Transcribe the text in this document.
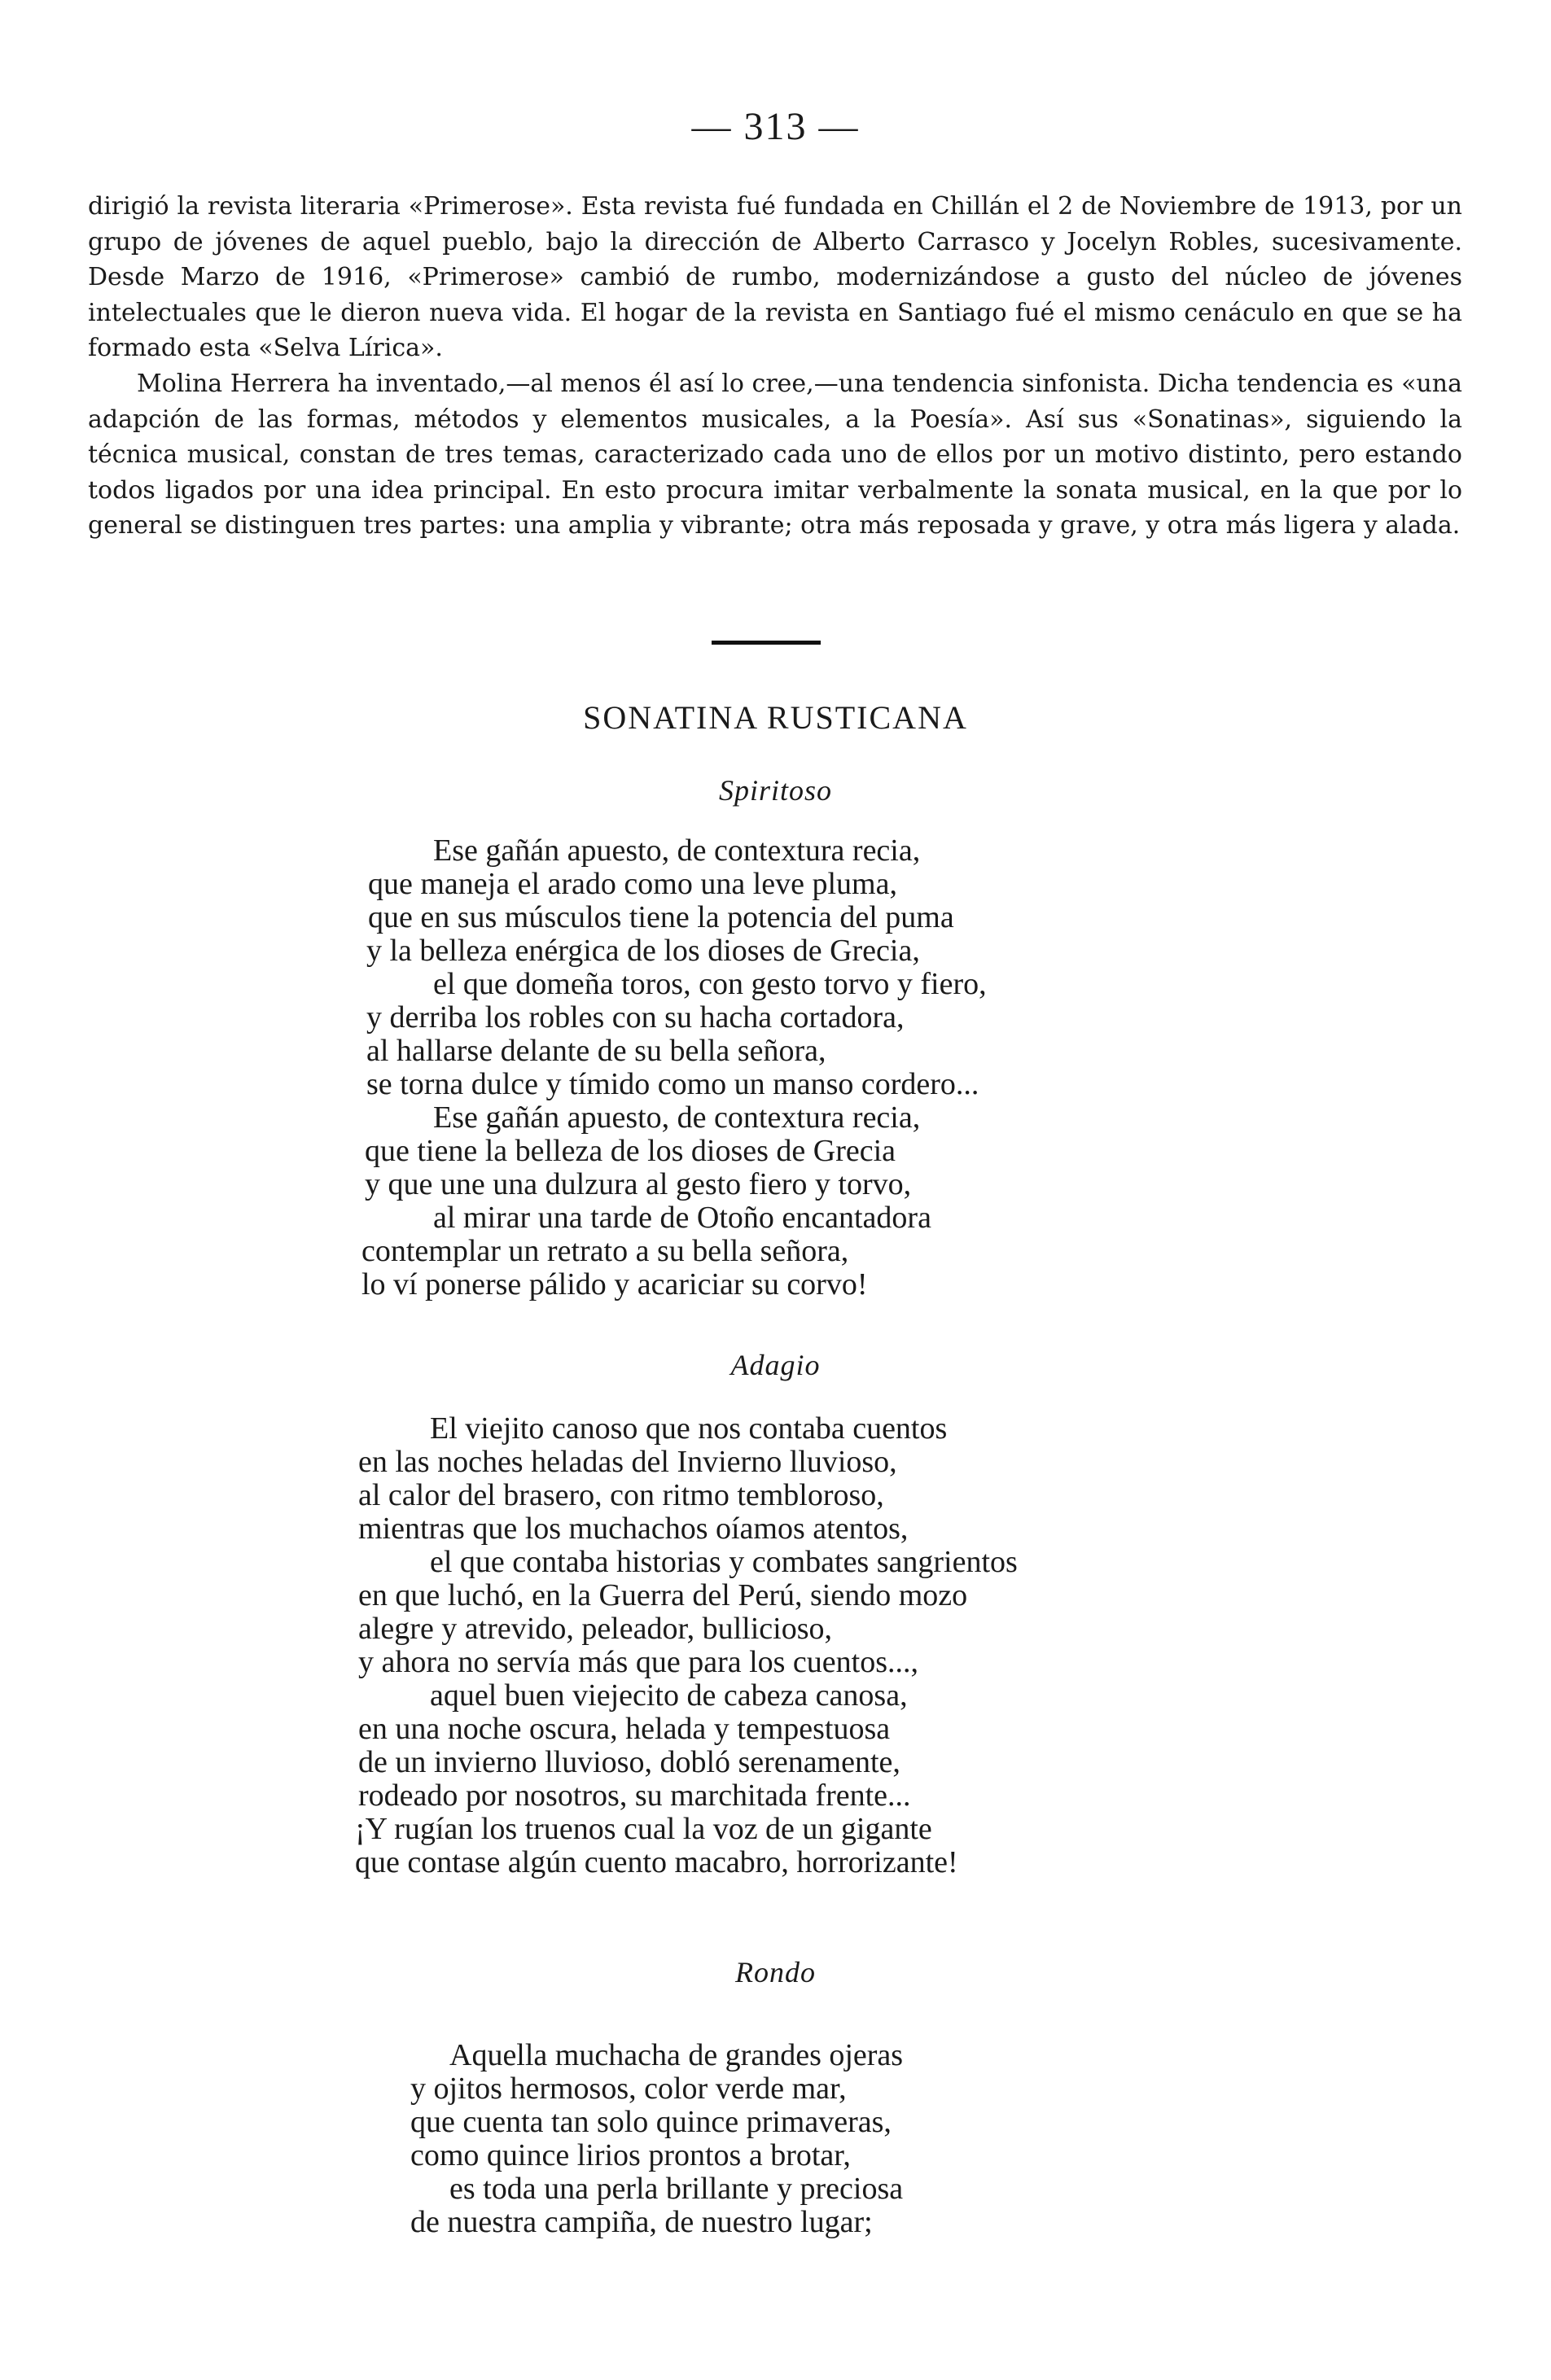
— 313 —

dirigió la revista literaria «Primerose». Esta revista fué fundada en Chillán el 2 de Noviembre de 1913, por un grupo de jóvenes de aquel pueblo, bajo la dirección de Alberto Carrasco y Jocelyn Robles, sucesivamente. Desde Marzo de 1916, «Primerose» cambió de rumbo, modernizándose a gusto del núcleo de jóvenes intelectuales que le dieron nueva vida. El hogar de la revista en Santiago fué el mismo cenáculo en que se ha formado esta «Selva Lírica».

Molina Herrera ha inventado,—al menos él así lo cree,—una tendencia sinfonista. Dicha tendencia es «una adapción de las formas, métodos y elementos musicales, a la Poesía». Así sus «Sonatinas», siguiendo la técnica musical, constan de tres temas, caracterizado cada uno de ellos por un motivo distinto, pero estando todos ligados por una idea principal. En esto procura imitar verbalmente la sonata musical, en la que por lo general se distinguen tres partes: una amplia y vibrante; otra más reposada y grave, y otra más ligera y alada.

SONATINA RUSTICANA
Spiritoso
Ese gañán apuesto, de contextura recia,
que maneja el arado como una leve pluma,
que en sus músculos tiene la potencia del puma
y la belleza enérgica de los dioses de Grecia,
el que domeña toros, con gesto torvo y fiero,
y derriba los robles con su hacha cortadora,
al hallarse delante de su bella señora,
se torna dulce y tímido como un manso cordero...
Ese gañán apuesto, de contextura recia,
que tiene la belleza de los dioses de Grecia
y que une una dulzura al gesto fiero y torvo,
al mirar una tarde de Otoño encantadora
contemplar un retrato a su bella señora,
lo ví ponerse pálido y acariciar su corvo!
Adagio
El viejito canoso que nos contaba cuentos
en las noches heladas del Invierno lluvioso,
al calor del brasero, con ritmo tembloroso,
mientras que los muchachos oíamos atentos,
el que contaba historias y combates sangrientos
en que luchó, en la Guerra del Perú, siendo mozo
alegre y atrevido, peleador, bullicioso,
y ahora no servía más que para los cuentos...,
aquel buen viejecito de cabeza canosa,
en una noche oscura, helada y tempestuosa
de un invierno lluvioso, dobló serenamente,
rodeado por nosotros, su marchitada frente...
¡Y rugían los truenos cual la voz de un gigante
que contase algún cuento macabro, horrorizante!
Rondo
Aquella muchacha de grandes ojeras
y ojitos hermosos, color verde mar,
que cuenta tan solo quince primaveras,
como quince lirios prontos a brotar,
es toda una perla brillante y preciosa
de nuestra campiña, de nuestro lugar;
